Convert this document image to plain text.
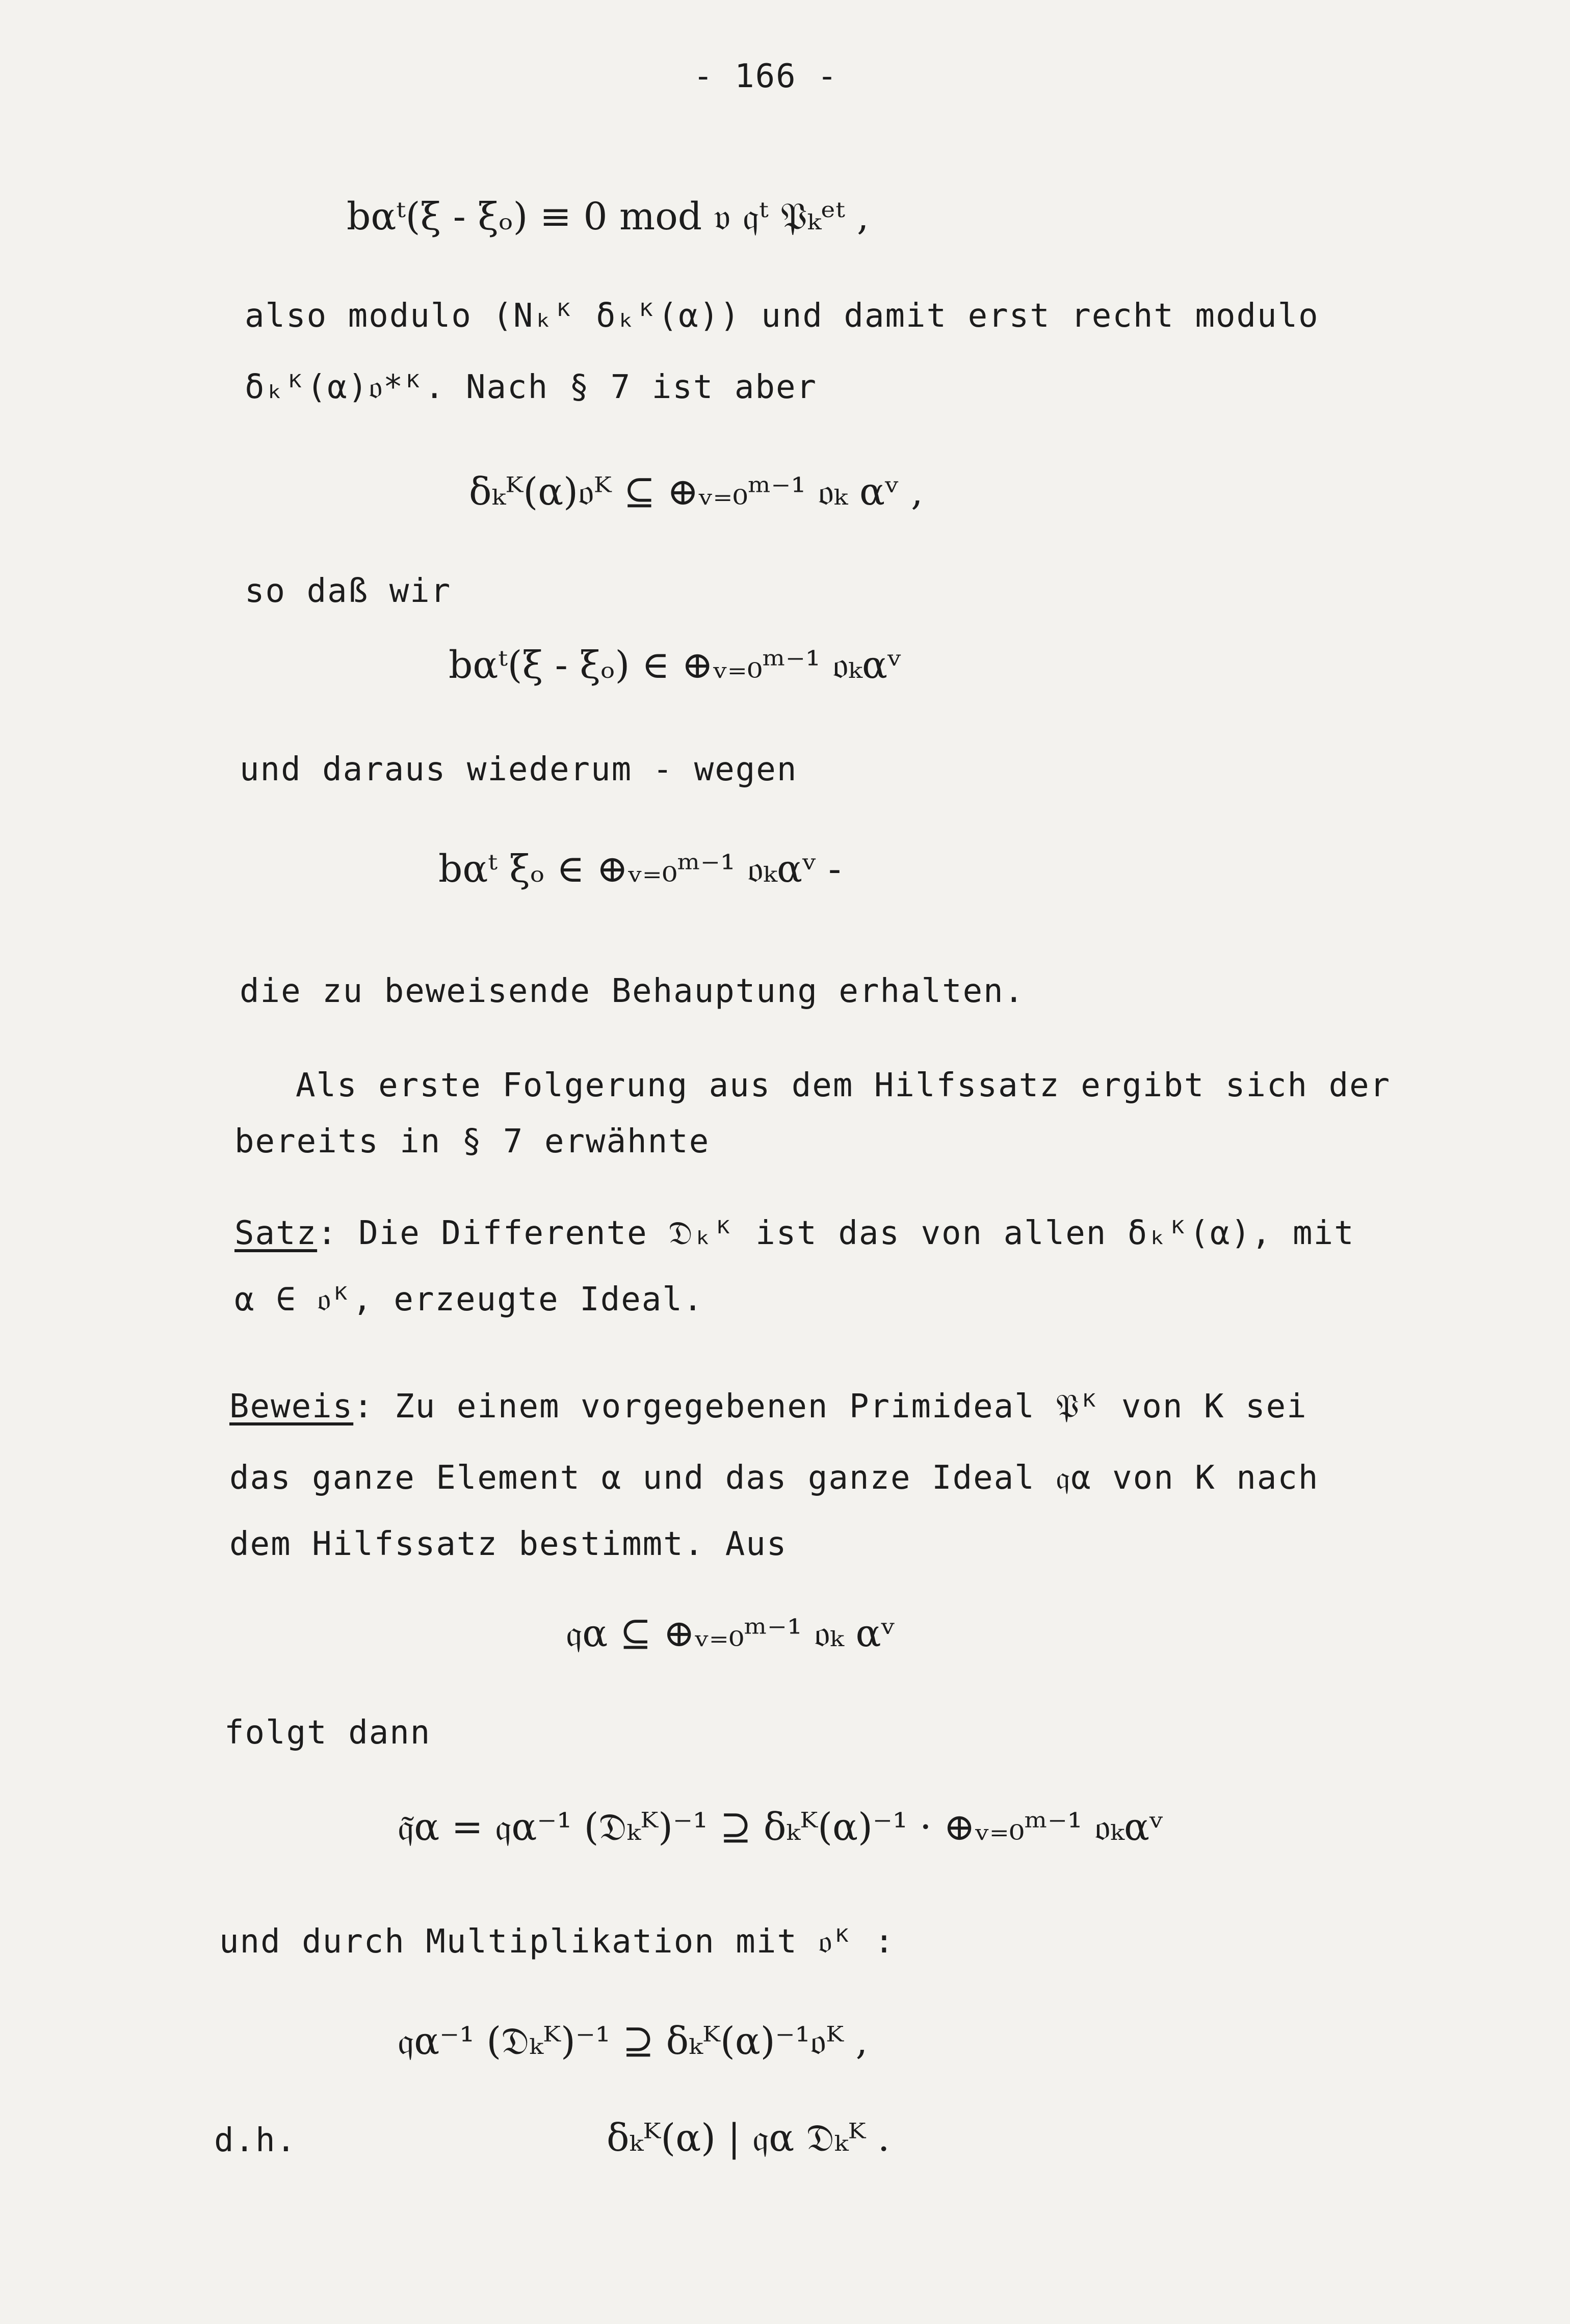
- 166 -
bαᵗ(ξ - ξₒ) ≡ 0 mod 𝔳 𝔮ᵗ 𝔓ₖᵉᵗ ,
also modulo (Nₖᴷ δₖᴷ(α)) und damit erst recht modulo
δₖᴷ(α)𝔬*ᴷ. Nach § 7 ist aber
δₖᴷ(α)𝔬ᴷ ⊆ ⊕ᵥ₌₀ᵐ⁻¹ 𝔬ₖ αᵛ ,
so daß wir
bαᵗ(ξ - ξₒ) ∈ ⊕ᵥ₌₀ᵐ⁻¹ 𝔬ₖαᵛ
und daraus wiederum - wegen
bαᵗ ξₒ ∈ ⊕ᵥ₌₀ᵐ⁻¹ 𝔬ₖαᵛ -
die zu beweisende Behauptung erhalten.
Als erste Folgerung aus dem Hilfssatz ergibt sich der
bereits in § 7 erwähnte
Satz: Die Differente 𝔇ₖᴷ ist das von allen δₖᴷ(α), mit
α ∈ 𝔬ᴷ, erzeugte Ideal.
Beweis: Zu einem vorgegebenen Primideal 𝔓ᴷ von K sei
das ganze Element α und das ganze Ideal 𝔮α von K nach
dem Hilfssatz bestimmt. Aus
𝔮α ⊆ ⊕ᵥ₌₀ᵐ⁻¹ 𝔬ₖ αᵛ
folgt dann
𝔮̃α = 𝔮α⁻¹ (𝔇ₖᴷ)⁻¹ ⊇ δₖᴷ(α)⁻¹ · ⊕ᵥ₌₀ᵐ⁻¹ 𝔬ₖαᵛ
und durch Multiplikation mit 𝔬ᴷ :
𝔮α⁻¹ (𝔇ₖᴷ)⁻¹ ⊇ δₖᴷ(α)⁻¹𝔬ᴷ ,
d.h.	δₖᴷ(α) | 𝔮α 𝔇ₖᴷ .
